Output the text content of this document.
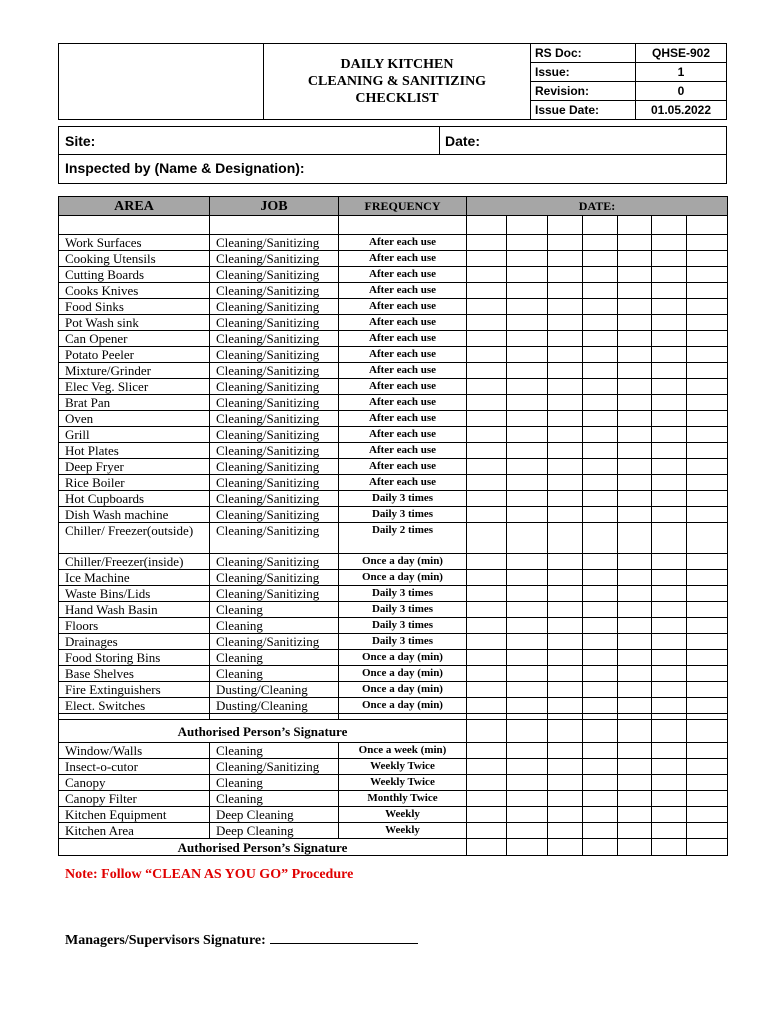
DAILY KITCHEN
CLEANING & SANITIZING
CHECKLIST
RS Doc:	QHSE-902
Issue:	1
Revision:	0
Issue Date:	01.05.2022
Site:	Date:
Inspected by (Name & Designation):
AREA	JOB	FREQUENCY	DATE:						

Work Surfaces	Cleaning/Sanitizing	After each use							
Cooking Utensils	Cleaning/Sanitizing	After each use							
Cutting Boards	Cleaning/Sanitizing	After each use							
Cooks Knives	Cleaning/Sanitizing	After each use							
Food Sinks	Cleaning/Sanitizing	After each use							
Pot Wash sink	Cleaning/Sanitizing	After each use							
Can Opener	Cleaning/Sanitizing	After each use							
Potato Peeler	Cleaning/Sanitizing	After each use							
Mixture/Grinder	Cleaning/Sanitizing	After each use							
Elec Veg. Slicer	Cleaning/Sanitizing	After each use							
Brat Pan	Cleaning/Sanitizing	After each use							
Oven	Cleaning/Sanitizing	After each use							
Grill	Cleaning/Sanitizing	After each use							
Hot Plates	Cleaning/Sanitizing	After each use							
Deep Fryer	Cleaning/Sanitizing	After each use							
Rice Boiler	Cleaning/Sanitizing	After each use							
Hot Cupboards	Cleaning/Sanitizing	Daily 3 times							
Dish Wash machine	Cleaning/Sanitizing	Daily 3 times							
Chiller/ Freezer(outside)	Cleaning/Sanitizing	Daily 2 times							
Chiller/Freezer(inside)	Cleaning/Sanitizing	Once a day (min)							
Ice Machine	Cleaning/Sanitizing	Once a day (min)							
Waste Bins/Lids	Cleaning/Sanitizing	Daily 3 times							
Hand Wash Basin	Cleaning	Daily 3 times							
Floors	Cleaning	Daily 3 times							
Drainages	Cleaning/Sanitizing	Daily 3 times							
Food Storing Bins	Cleaning	Once a day (min)							
Base Shelves	Cleaning	Once a day (min)							
Fire Extinguishers	Dusting/Cleaning	Once a day (min)							
Elect. Switches	Dusting/Cleaning	Once a day (min)							

Authorised Person’s Signature									
Window/Walls	Cleaning	Once a week (min)							
Insect-o-cutor	Cleaning/Sanitizing	Weekly Twice							
Canopy	Cleaning	Weekly Twice							
Canopy Filter	Cleaning	Monthly Twice							
Kitchen Equipment	Deep Cleaning	Weekly							
Kitchen Area	Deep Cleaning	Weekly							
Authorised Person’s Signature									
Note: Follow “CLEAN AS YOU GO” Procedure
Managers/Supervisors Signature:
